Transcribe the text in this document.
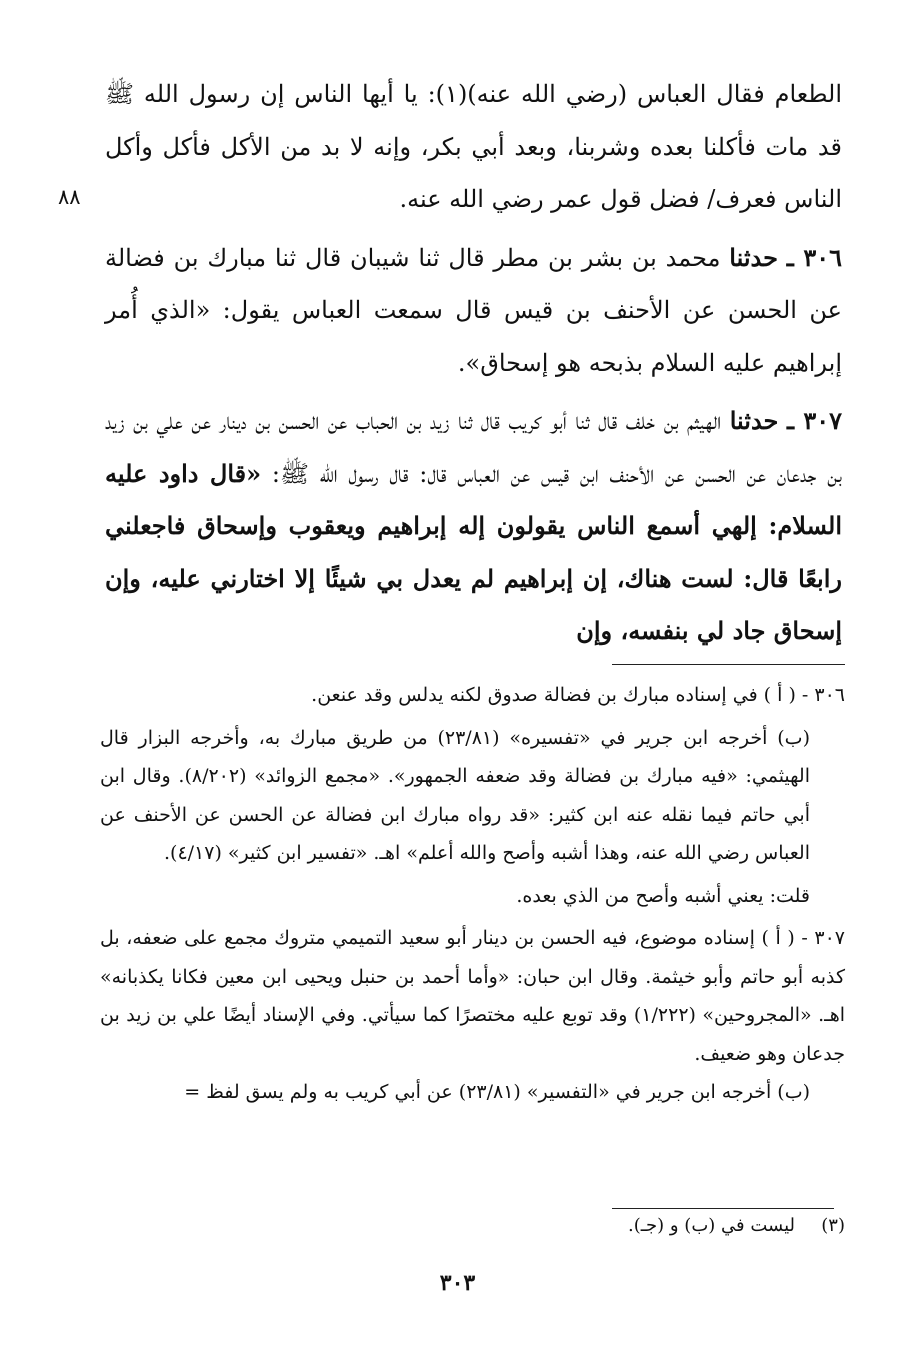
الطعام فقال العباس (رضي الله عنه)(١): يا أيها الناس إن رسول الله ﷺ قد مات فأكلنا بعده وشربنا، وبعد أبي بكر، وإنه لا بد من الأكل فأكل وأكل الناس فعرف/ فضل قول عمر رضي الله عنه.

٣٠٦ ـ حدثنا محمد بن بشر بن مطر قال ثنا شيبان قال ثنا مبارك بن فضالة عن الحسن عن الأحنف بن قيس قال سمعت العباس يقول: «الذي أُمر إبراهيم عليه السلام بذبحه هو إسحاق».

٣٠٧ ـ حدثنا الهيثم بن خلف قال ثنا أبو كريب قال ثنا زيد بن الحباب عن الحسن بن دينار عن علي بن زيد بن جدعان عن الحسن عن الأحنف ابن قيس عن العباس قال: قال رسول الله ﷺ: «قال داود عليه السلام: إلهي أسمع الناس يقولون إله إبراهيم ويعقوب وإسحاق فاجعلني رابعًا قال: لست هناك، إن إبراهيم لم يعدل بي شيئًا إلا اختارني عليه، وإن إسحاق جاد لي بنفسه، وإن

٨٨

٣٠٦ - ( أ ) في إسناده مبارك بن فضالة صدوق لكنه يدلس وقد عنعن.

(ب) أخرجه ابن جرير في «تفسيره» (٢٣/٨١) من طريق مبارك به، وأخرجه البزار قال الهيثمي: «فيه مبارك بن فضالة وقد ضعفه الجمهور». «مجمع الزوائد» (٨/٢٠٢). وقال ابن أبي حاتم فيما نقله عنه ابن كثير: «قد رواه مبارك ابن فضالة عن الحسن عن الأحنف عن العباس رضي الله عنه، وهذا أشبه وأصح والله أعلم» اهـ. «تفسير ابن كثير» (٤/١٧).

قلت: يعني أشبه وأصح من الذي بعده.

٣٠٧ - ( أ ) إسناده موضوع، فيه الحسن بن دينار أبو سعيد التميمي متروك مجمع على ضعفه، بل كذبه أبو حاتم وأبو خيثمة. وقال ابن حبان: «وأما أحمد بن حنبل ويحيى ابن معين فكانا يكذبانه» اهـ. «المجروحين» (١/٢٢٢) وقد توبع عليه مختصرًا كما سيأتي. وفي الإسناد أيضًا علي بن زيد بن جدعان وهو ضعيف.

(ب) أخرجه ابن جرير في «التفسير» (٢٣/٨١) عن أبي كريب به ولم يسق لفظ =

(٣)ليست في (ب) و (جـ).
٣٠٣
